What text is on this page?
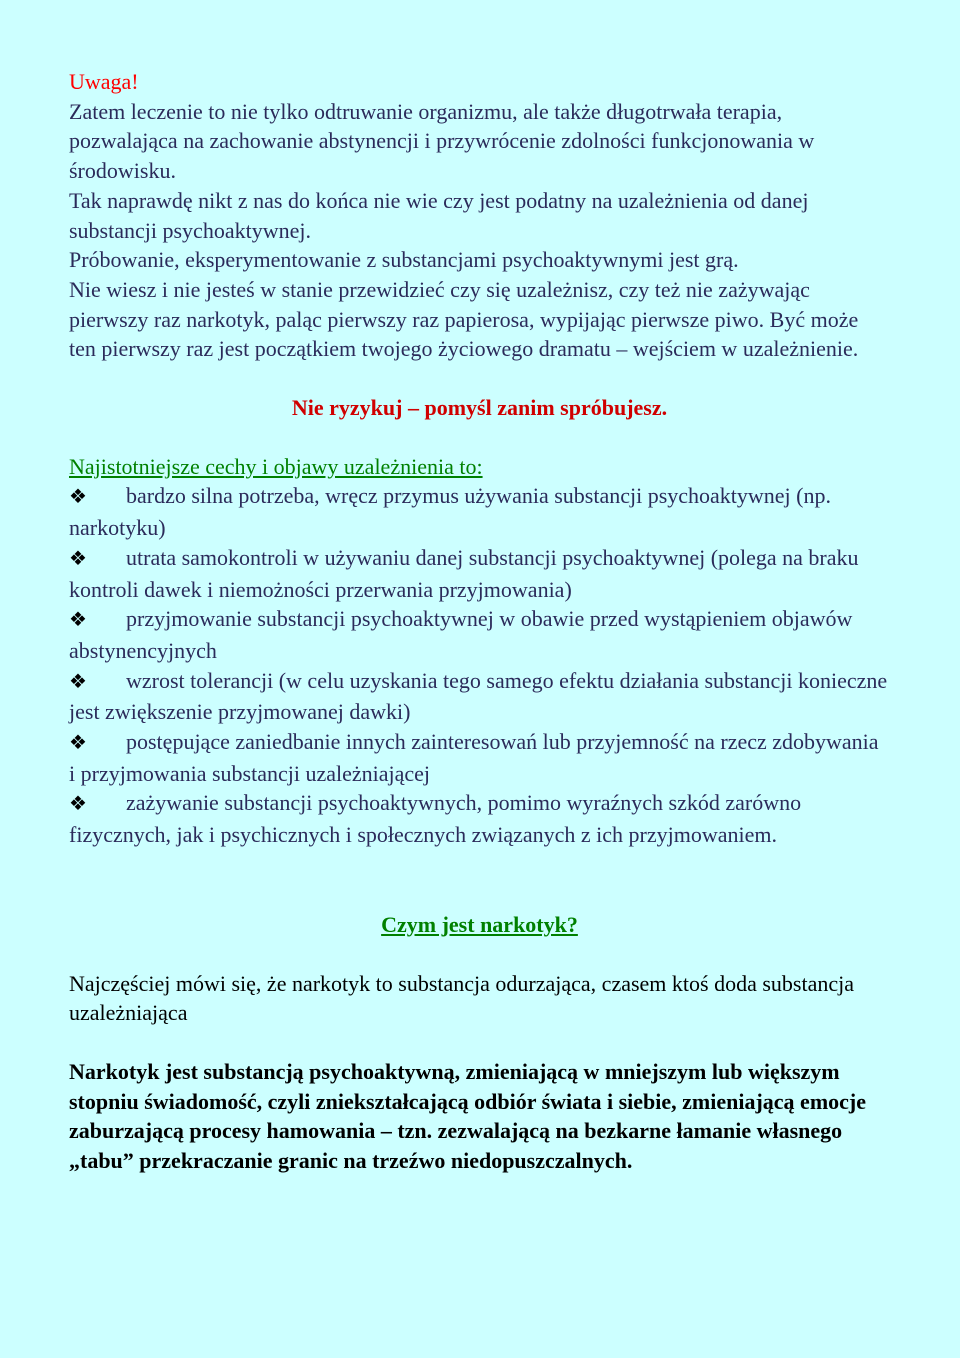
Uwaga!

Zatem leczenie to nie tylko odtruwanie organizmu, ale także długotrwała terapia, pozwalająca na zachowanie abstynencji i przywrócenie zdolności funkcjonowania w środowisku.

Tak naprawdę nikt z nas do końca nie wie czy jest podatny na uzależnienia od danej substancji psychoaktywnej.

Próbowanie, eksperymentowanie z substancjami psychoaktywnymi jest grą.

Nie wiesz i nie jesteś w stanie przewidzieć czy się uzależnisz, czy też nie zażywając pierwszy raz narkotyk, paląc pierwszy raz papierosa, wypijając pierwsze piwo. Być może ten pierwszy raz jest początkiem twojego życiowego dramatu – wejściem w uzależnienie.

Nie ryzykuj – pomyśl zanim spróbujesz.

Najistotniejsze cechy i objawy uzależnienia to:

❖ bardzo silna potrzeba, wręcz przymus używania substancji psychoaktywnej (np. narkotyku)

❖ utrata samokontroli w używaniu danej substancji psychoaktywnej (polega na braku kontroli dawek i niemożności przerwania przyjmowania)

❖ przyjmowanie substancji psychoaktywnej w obawie przed wystąpieniem objawów abstynencyjnych

❖ wzrost tolerancji (w celu uzyskania tego samego efektu działania substancji konieczne jest zwiększenie przyjmowanej dawki)

❖ postępujące zaniedbanie innych zainteresowań lub przyjemność na rzecz zdobywania i przyjmowania substancji uzależniającej

❖ zażywanie substancji psychoaktywnych, pomimo wyraźnych szkód zarówno fizycznych, jak i psychicznych i społecznych związanych z ich przyjmowaniem.

Czym jest narkotyk?

Najczęściej mówi się, że narkotyk to substancja odurzająca, czasem ktoś doda substancja uzależniająca

Narkotyk jest substancją psychoaktywną, zmieniającą w mniejszym lub większym stopniu świadomość, czyli zniekształcającą odbiór świata i siebie, zmieniającą emocje zaburzającą procesy hamowania – tzn. zezwalającą na bezkarne łamanie własnego „tabu” przekraczanie granic na trzeźwo niedopuszczalnych.
